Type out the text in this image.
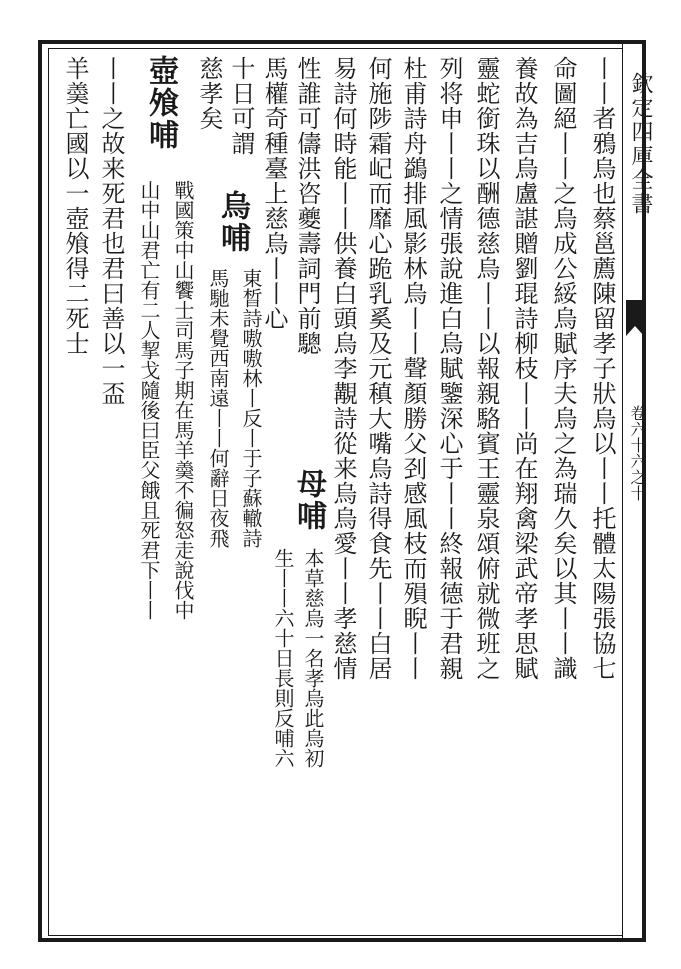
欽定四庫全書
卷六十六之十
丨丨者鴉烏也蔡邕薦陳留孝子狀烏以丨丨托體太陽張協七
命圖絕丨丨之烏成公綏烏賦序夫烏之為瑞久矣以其丨丨識
養故為吉烏盧諶贈劉琨詩柳枝丨丨尚在翔禽梁武帝孝思賦
靈蛇銜珠以酬德慈烏丨丨以報親駱賓王靈泉頌俯就微班之
列将申丨丨之情張說進白烏賦鑒深心于丨丨終報德于君親
杜甫詩舟鷁排風影林烏丨丨聲顏勝父刭感風枝而殞睨丨丨
何施陟霜屺而靡心跪乳奚及元稹大嘴烏詩得食先丨丨白居
易詩何時能丨丨供養白頭烏李覯詩從来烏烏愛丨丨孝慈情
性誰可儔洪咨夔壽詞門前驄
母哺
本草慈烏一名孝烏此烏初
馬權奇種臺上慈烏丨丨心
生丨丨六十日長則反哺六
十日可謂
烏哺
東晳詩嗷嗷林丨反丨于子蘇轍詩
慈孝矣
馬馳未覺西南遠丨丨何辭日夜飛
壺飧哺
戰國策中山饗士司馬子期在馬羊羮不徧怒走說伐中
山中山君亡有二人挈戈隨後曰臣父餓且死君下丨丨
丨丨之故来死君也君曰善以一盃
羊羮亡國以一壺飧得二死士
